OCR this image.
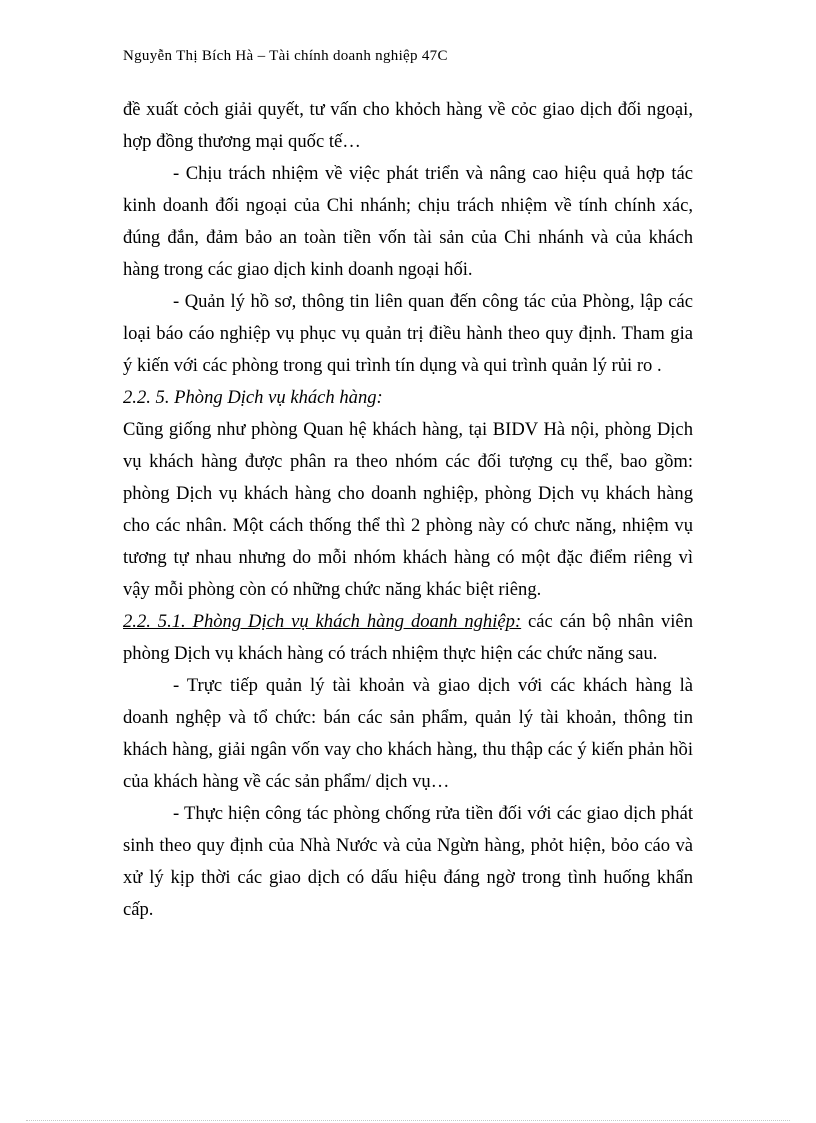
Nguyễn Thị Bích Hà – Tài chính doanh nghiệp 47C

đề xuất cỏch giải quyết, tư vấn cho khỏch hàng về cỏc giao dịch đối ngoại, hợp đồng thương mại quốc tế…

- Chịu trách nhiệm về việc phát triển và nâng cao hiệu quả hợp tác kinh doanh đối ngoại của Chi nhánh; chịu trách nhiệm về tính chính xác, đúng đắn, đảm bảo an toàn tiền vốn tài sản của Chi nhánh và của khách hàng trong các giao dịch kinh doanh ngoại hối.

- Quản lý hồ sơ, thông tin liên quan đến công tác của Phòng, lập các loại báo cáo nghiệp vụ phục vụ quản trị điều hành theo quy định. Tham gia ý kiến với các phòng trong qui trình tín dụng và qui trình quản lý rủi ro .

2.2. 5. Phòng Dịch vụ khách hàng:

Cũng giống như phòng Quan hệ khách hàng, tại BIDV Hà nội, phòng Dịch vụ khách hàng được phân ra theo nhóm các đối tượng cụ thể, bao gồm: phòng Dịch vụ khách hàng cho doanh nghiệp, phòng Dịch vụ khách hàng cho các nhân. Một cách thống thể thì 2 phòng này có chưc năng, nhiệm vụ tương tự nhau nhưng do mỗi nhóm khách hàng có một đặc điểm riêng vì vậy mỗi phòng còn có những chức năng khác biệt riêng.

2.2. 5.1. Phòng Dịch vụ khách hàng doanh nghiệp: các cán bộ nhân viên phòng Dịch vụ khách hàng có trách nhiệm thực hiện các chức năng sau.

- Trực tiếp quản lý tài khoản và giao dịch với các khách hàng là doanh nghệp và tổ chức: bán các sản phẩm, quản lý tài khoản, thông tin khách hàng, giải ngân vốn vay cho khách hàng, thu thập các ý kiến phản hồi của khách hàng về các sản phẩm/ dịch vụ…

- Thực hiện công tác phòng chống rửa tiền đối với các giao dịch phát sinh theo quy định của Nhà Nước và của Ngừn hàng, phỏt hiện, bỏo cáo và xử lý kịp thời các giao dịch có dấu hiệu đáng ngờ trong tình huống khẩn cấp.
